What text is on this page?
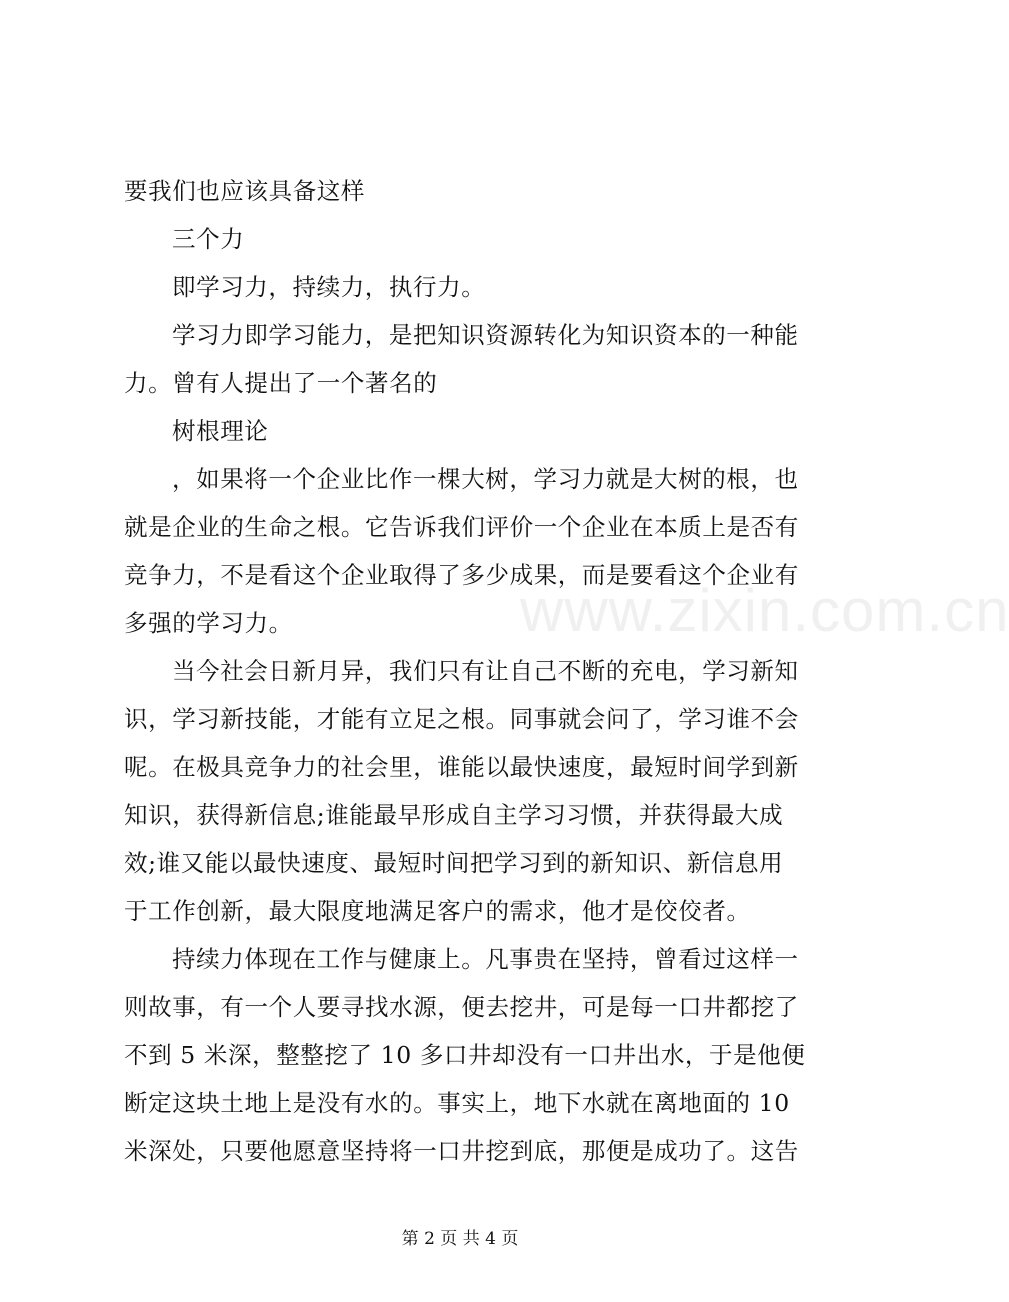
www.zixin.com.cn
要我们也应该具备这样
三个力
即学习力，持续力，执行力。
学习力即学习能力，是把知识资源转化为知识资本的一种能
力。曾有人提出了一个著名的
树根理论
，如果将一个企业比作一棵大树，学习力就是大树的根，也
就是企业的生命之根。它告诉我们评价一个企业在本质上是否有
竞争力，不是看这个企业取得了多少成果，而是要看这个企业有
多强的学习力。
当今社会日新月异，我们只有让自己不断的充电，学习新知
识，学习新技能，才能有立足之根。同事就会问了，学习谁不会
呢。在极具竞争力的社会里，谁能以最快速度，最短时间学到新
知识，获得新信息;谁能最早形成自主学习习惯，并获得最大成
效;谁又能以最快速度、最短时间把学习到的新知识、新信息用
于工作创新，最大限度地满足客户的需求，他才是佼佼者。
持续力体现在工作与健康上。凡事贵在坚持，曾看过这样一
则故事，有一个人要寻找水源，便去挖井，可是每一口井都挖了
不到 5 米深，整整挖了 10 多口井却没有一口井出水，于是他便
断定这块土地上是没有水的。事实上，地下水就在离地面的 10
米深处，只要他愿意坚持将一口井挖到底，那便是成功了。这告
第 2 页 共 4 页
